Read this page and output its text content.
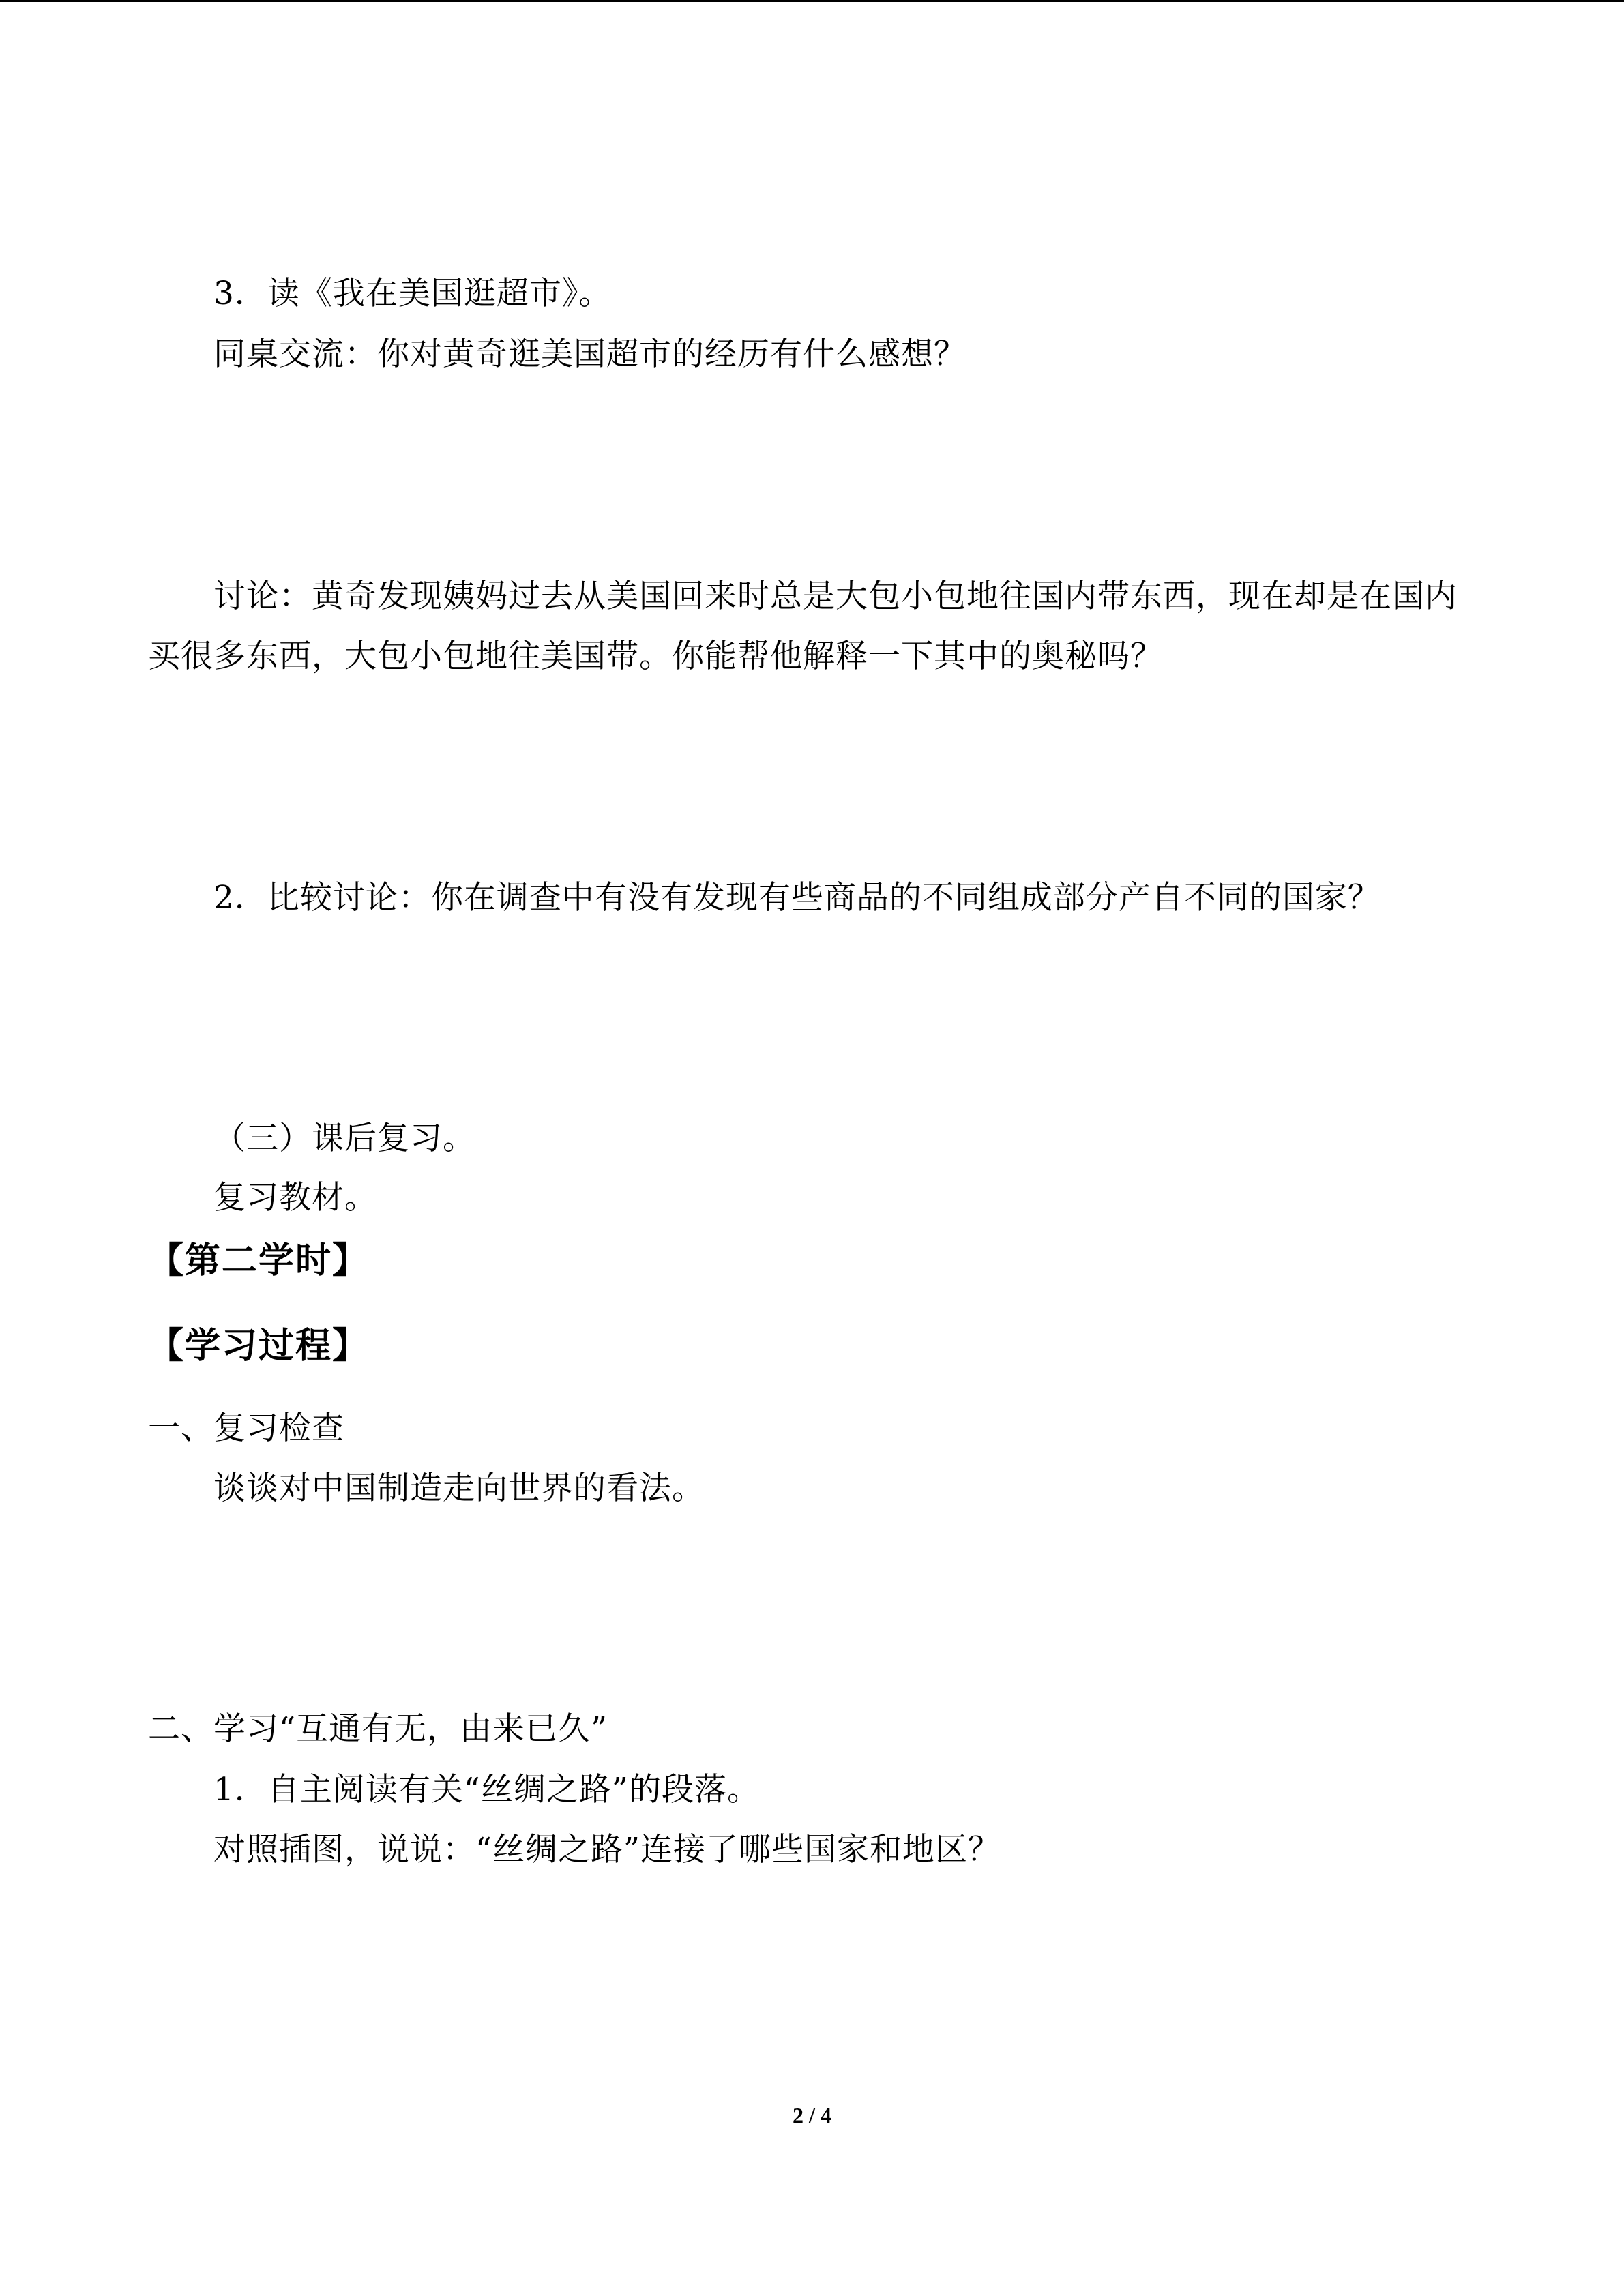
3．读《我在美国逛超市》。
同桌交流：你对黄奇逛美国超市的经历有什么感想？
讨论：黄奇发现姨妈过去从美国回来时总是大包小包地往国内带东西，现在却是在国内
买很多东西，大包小包地往美国带。你能帮他解释一下其中的奥秘吗？
2．比较讨论：你在调查中有没有发现有些商品的不同组成部分产自不同的国家？
（三）课后复习。
复习教材。
【第二学时】
【学习过程】
一、复习检查
谈谈对中国制造走向世界的看法。
二、学习“互通有无，由来已久”
1．自主阅读有关“丝绸之路”的段落。
对照插图，说说：“丝绸之路”连接了哪些国家和地区？
2 / 4
